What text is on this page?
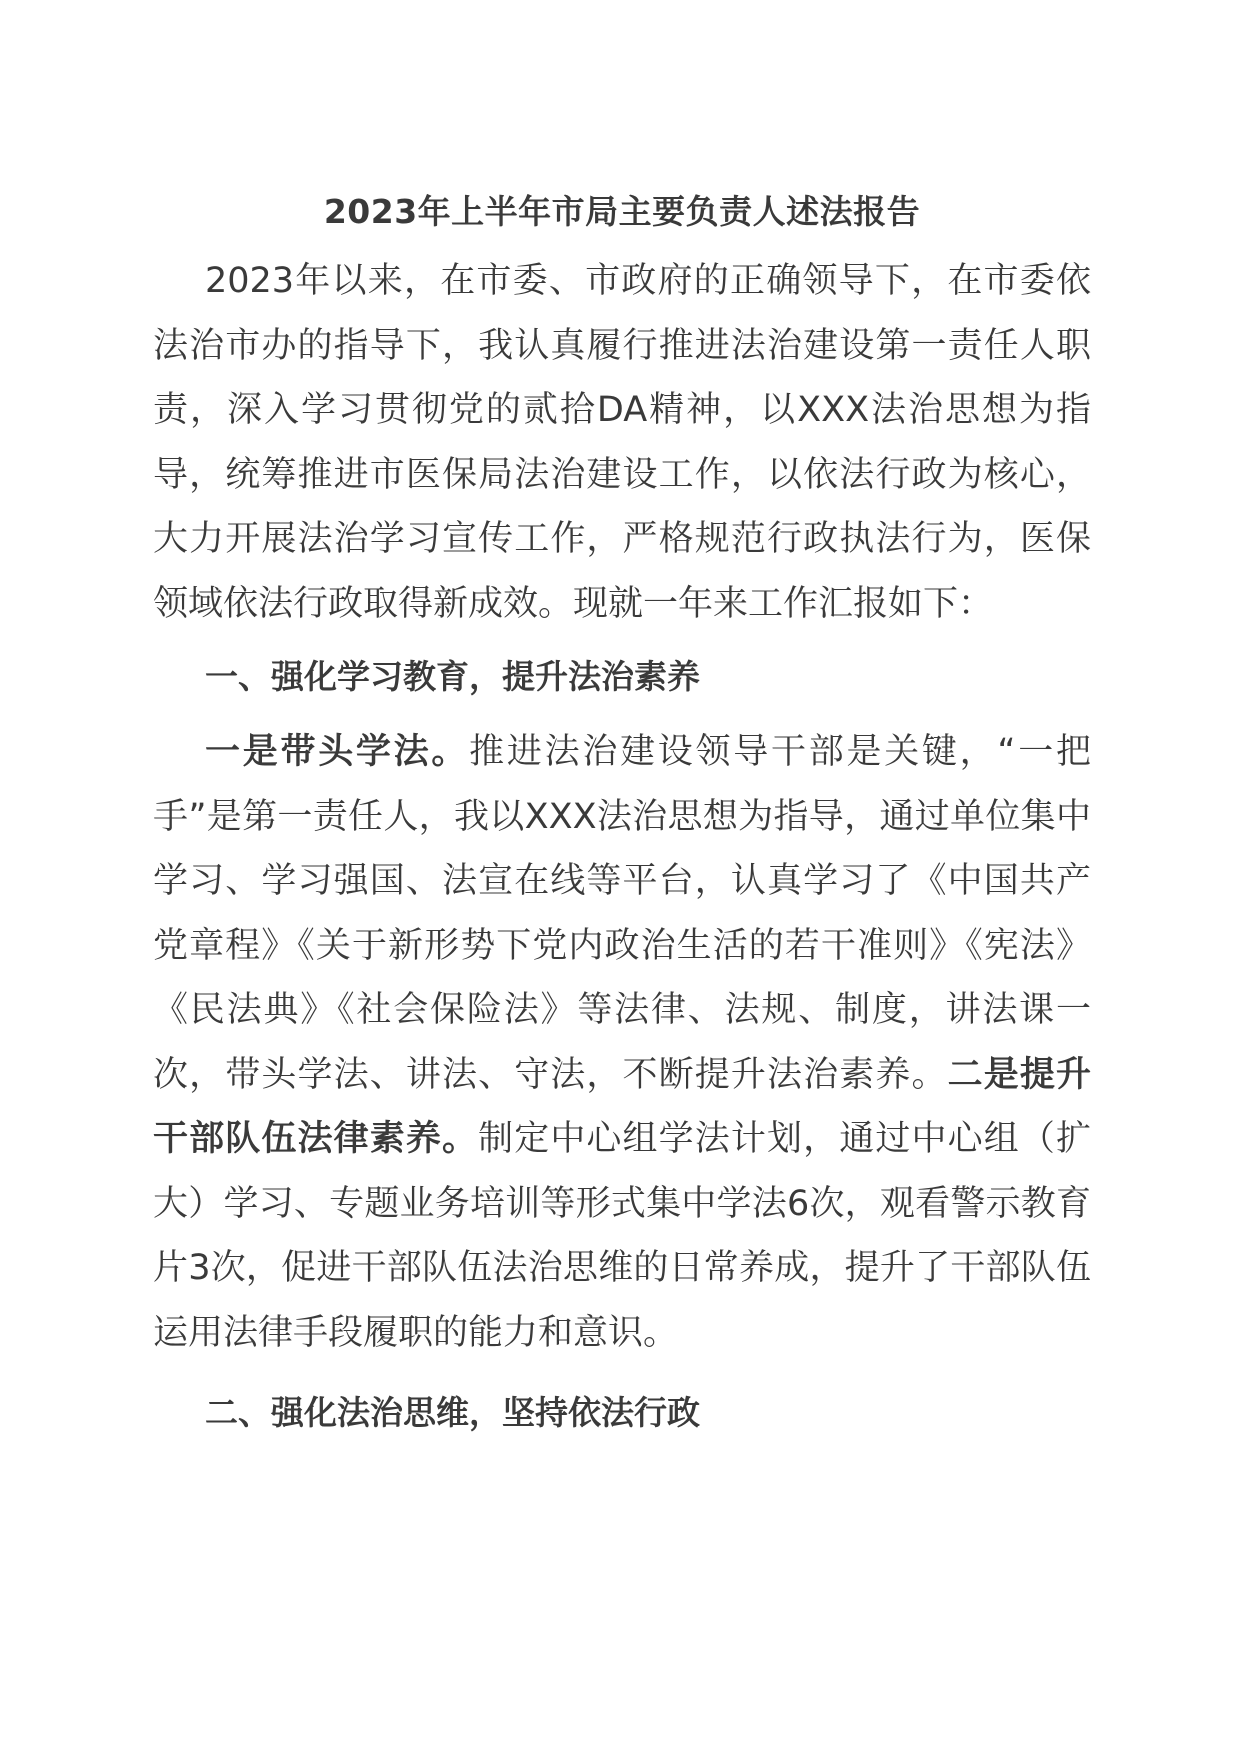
2023年上半年市局主要负责人述法报告

2023年以来，在市委、市政府的正确领导下，在市委依法治市办的指导下，我认真履行推进法治建设第一责任人职责，深入学习贯彻党的贰拾DA精神，以XXX法治思想为指导，统筹推进市医保局法治建设工作，以依法行政为核心，大力开展法治学习宣传工作，严格规范行政执法行为，医保领域依法行政取得新成效。现就一年来工作汇报如下：

一、强化学习教育，提升法治素养

一是带头学法。推进法治建设领导干部是关键，“一把手”是第一责任人，我以XXX法治思想为指导，通过单位集中学习、学习强国、法宣在线等平台，认真学习了《中国共产党章程》《关于新形势下党内政治生活的若干准则》《宪法》《民法典》《社会保险法》等法律、法规、制度，讲法课一次，带头学法、讲法、守法，不断提升法治素养。二是提升干部队伍法律素养。制定中心组学法计划，通过中心组（扩大）学习、专题业务培训等形式集中学法6次，观看警示教育片3次，促进干部队伍法治思维的日常养成，提升了干部队伍运用法律手段履职的能力和意识。

二、强化法治思维，坚持依法行政
